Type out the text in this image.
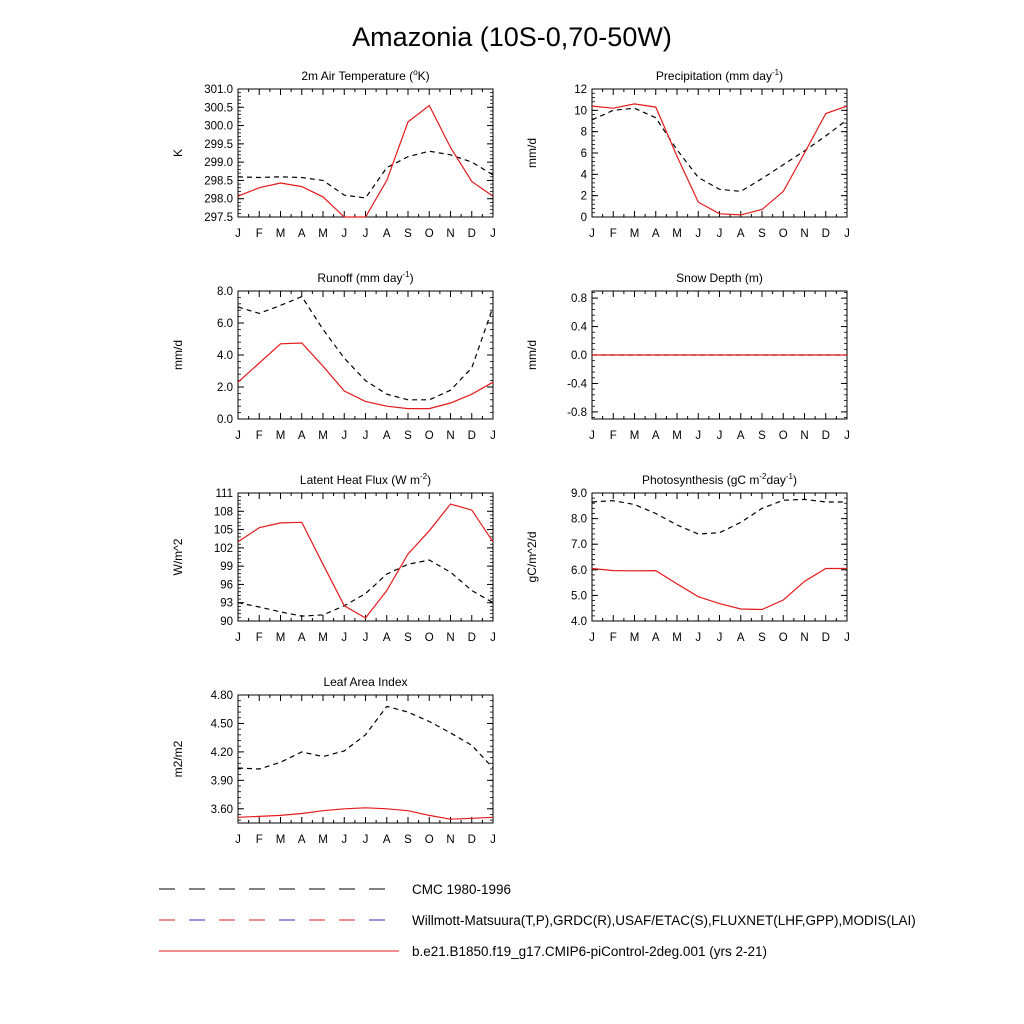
Amazonia (10S-0,70-50W)
2m Air Temperature ($^o$K)
J F M A M J J A S O N D J
297.5
298.0
298.5
299.0
299.5
300.0
300.5
301.0
K
Precipitation (mm day$^{-1}$)
J F M A M J J A S O N D J
0
2
4
6
8
10
12
mm/d
Runoff (mm day$^{-1}$)
J F M A M J J A S O N D J
0.0
2.0
4.0
6.0
8.0
mm/d
Snow Depth (m)
J F M A M J J A S O N D J
-0.8
-0.4
0.0
0.4
0.8
mm/d
Latent Heat Flux (W $m^{-2}$)
J F M A M J J A S O N D J
90
93
96
99
102
105
108
111
W/m^2
Photosynthesis (gC $m^{-2}day^{-1}$)
J F M A M J J A S O N D J
4.0
5.0
6.0
7.0
8.0
9.0
gC/m^2/d
Leaf Area Index
J F M A M J J A S O N D J
3.60
3.90
4.20
4.50
4.80
m2/m2
CMC 1980-1996
Willmott-Matsuura(T,P),GRDC(R),USAF/ETAC(S),FLUXNET(LHF,GPP),MODIS(LAI)
b.e21.B1850.f19_g17.CMIP6-piControl-2deg.001 (yrs 2-21)
